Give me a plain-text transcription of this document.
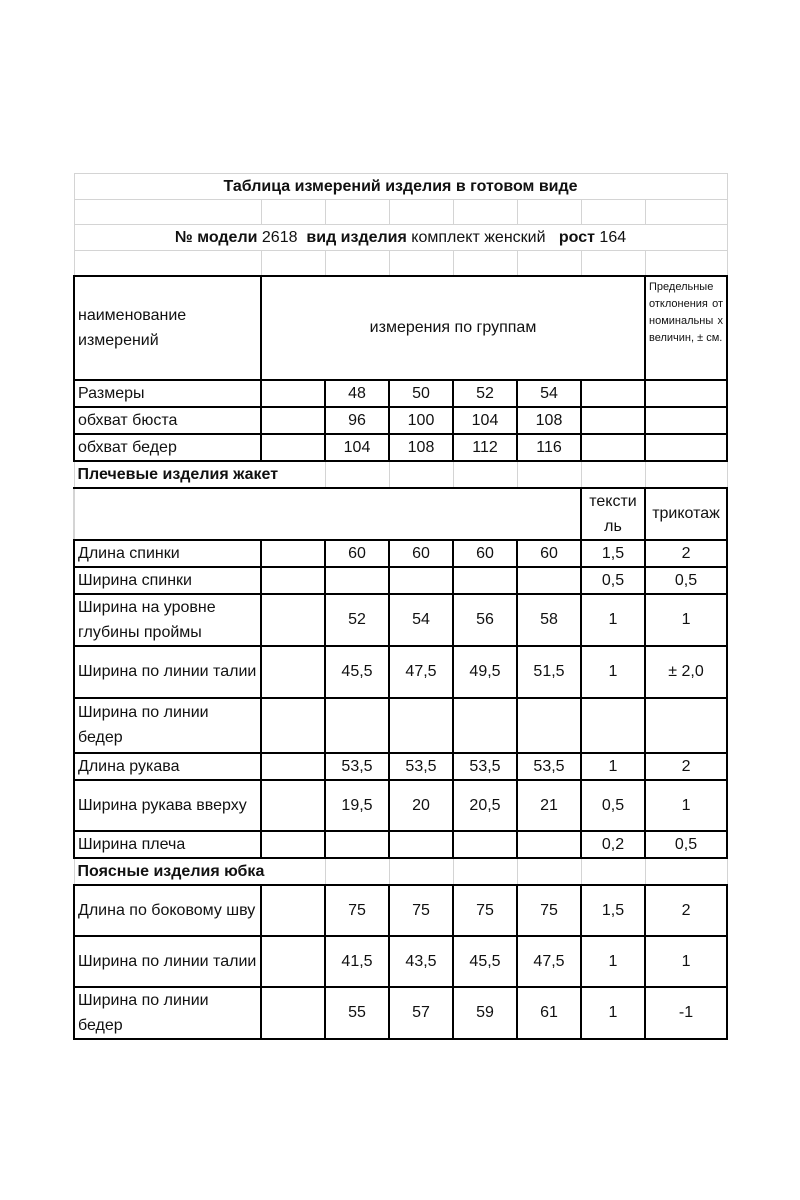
Таблица измерений изделия в готовом виде							

№ модели 2618 вид изделия комплект женский рост 164							

наименование измерений	измерения по группам						Предельные отклонения от номинальны х величин, ± см.
Размеры		48	50	52	54		
обхват бюста		96	100	104	108		
обхват бедер		104	108	112	116		
Плечевые изделия жакет							
						тексти ль	трикотаж
Длина спинки		60	60	60	60	1,5	2
Ширина спинки						0,5	0,5
Ширина на уровне глубины проймы		52	54	56	58	1	1
Ширина по линии талии		45,5	47,5	49,5	51,5	1	± 2,0
Ширина по линии бедер							
Длина рукава		53,5	53,5	53,5	53,5	1	2
Ширина рукава вверху		19,5	20	20,5	21	0,5	1
Ширина плеча						0,2	0,5
Поясные изделия юбка							
Длина по боковому шву		75	75	75	75	1,5	2
Ширина по линии талии		41,5	43,5	45,5	47,5	1	1
Ширина по линии бедер		55	57	59	61	1	-1
